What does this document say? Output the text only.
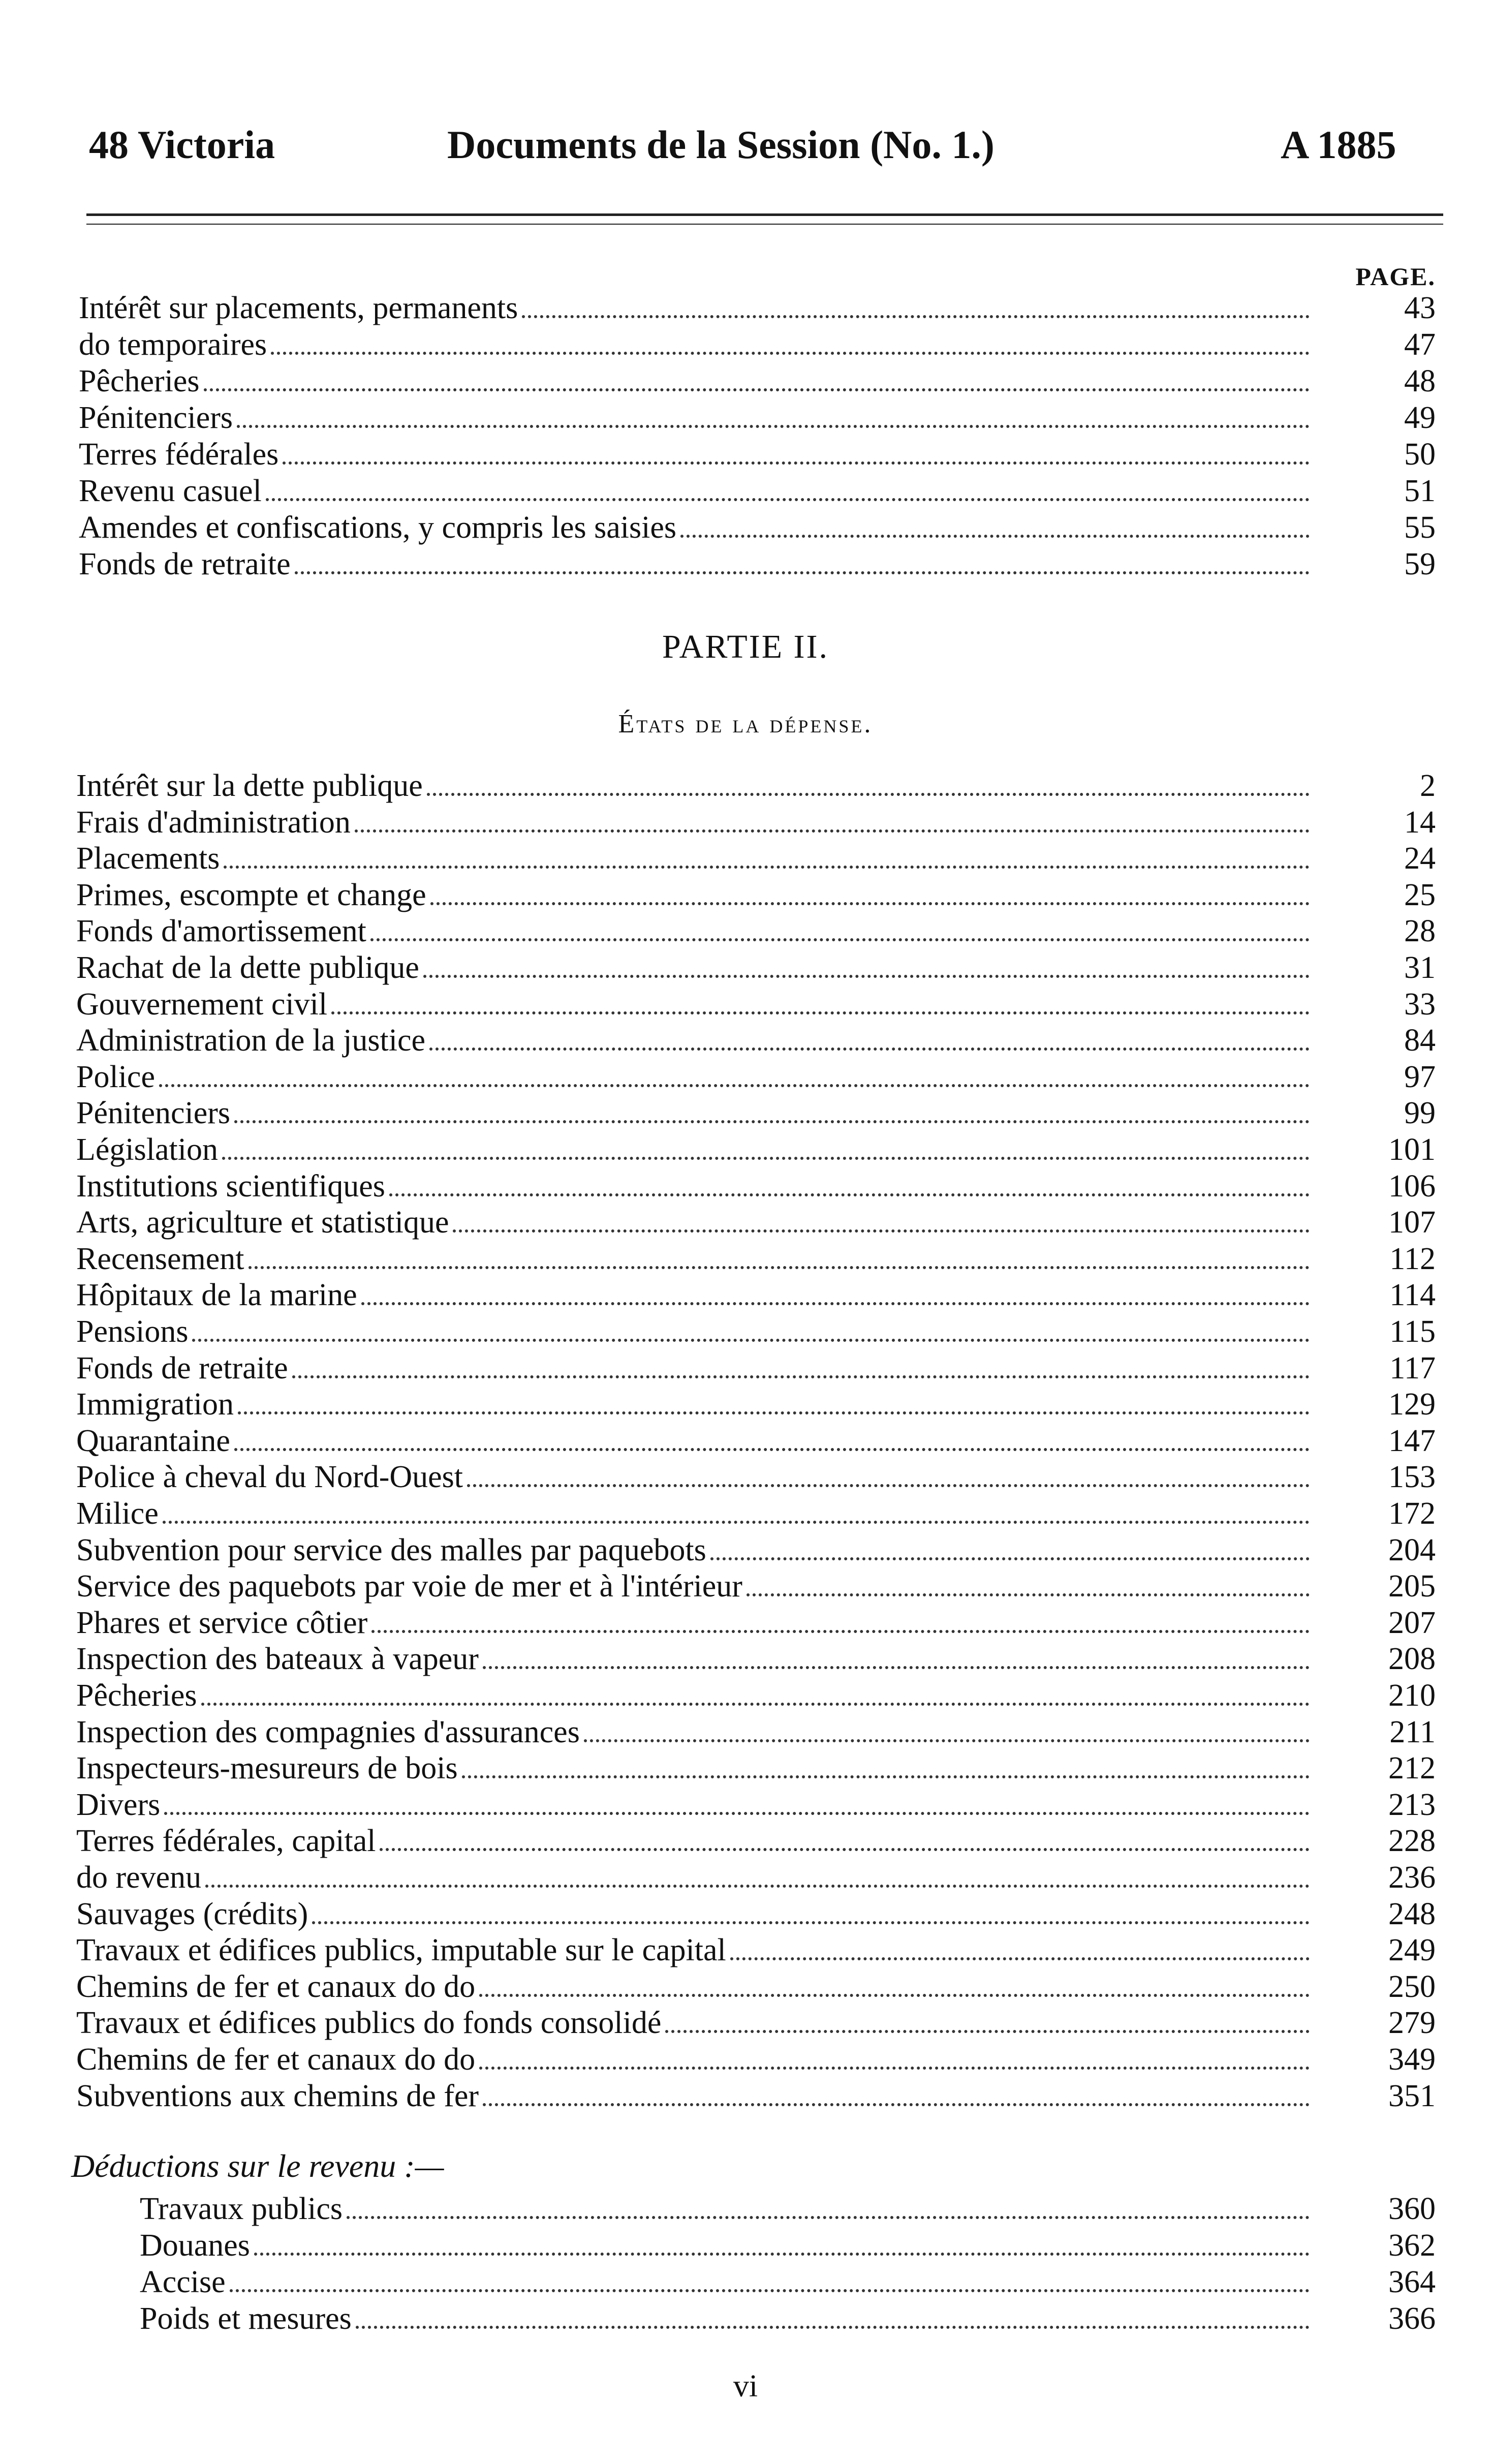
48 Victoria	Documents de la Session (No. 1.)	A 1885
PAGE.
Intérêt sur placements, permanents	43
do temporaires	47
Pêcheries	48
Pénitenciers	49
Terres fédérales	50
Revenu casuel	51
Amendes et confiscations, y compris les saisies	55
Fonds de retraite	59
PARTIE II.
États de la dépense.
Intérêt sur la dette publique	2
Frais d'administration	14
Placements	24
Primes, escompte et change	25
Fonds d'amortissement	28
Rachat de la dette publique	31
Gouvernement civil	33
Administration de la justice	84
Police	97
Pénitenciers	99
Législation	101
Institutions scientifiques	106
Arts, agriculture et statistique	107
Recensement	112
Hôpitaux de la marine	114
Pensions	115
Fonds de retraite	117
Immigration	129
Quarantaine	147
Police à cheval du Nord-Ouest	153
Milice	172
Subvention pour service des malles par paquebots	204
Service des paquebots par voie de mer et à l'intérieur	205
Phares et service côtier	207
Inspection des bateaux à vapeur	208
Pêcheries	210
Inspection des compagnies d'assurances	211
Inspecteurs-mesureurs de bois	212
Divers	213
Terres fédérales, capital	228
do revenu	236
Sauvages (crédits)	248
Travaux et édifices publics, imputable sur le capital	249
Chemins de fer et canaux do do	250
Travaux et édifices publics do fonds consolidé	279
Chemins de fer et canaux do do	349
Subventions aux chemins de fer	351
Déductions sur le revenu :—
Travaux publics	360
Douanes	362
Accise	364
Poids et mesures	366
vi
